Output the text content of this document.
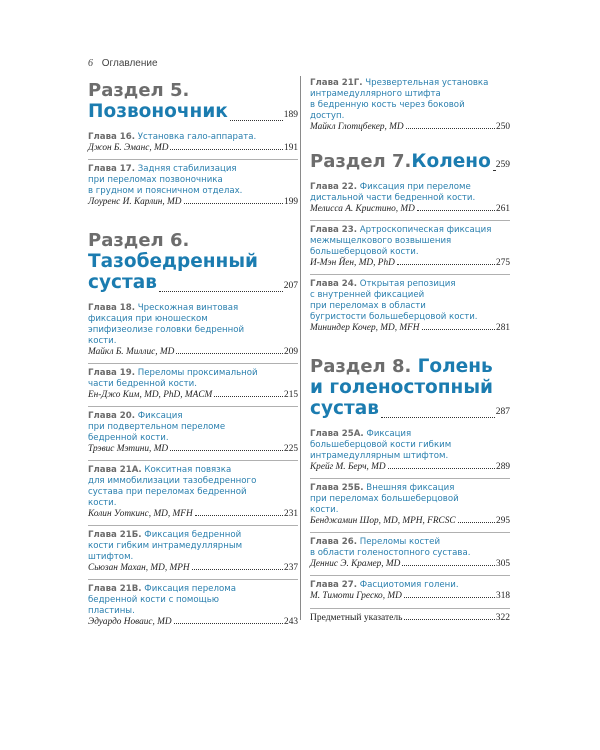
6 Оглавление
Раздел 5.
Позвоночник	189
Глава 16. Установка гало-аппарата.
Джон Б. Эманс, MD	191
Глава 17. Задняя стабилизация
при переломах позвоночника
в грудном и поясничном отделах.
Лоуренс И. Карлин, MD	199
Раздел 6.
Тазобедренный
сустав	207
Глава 18. Чрескожная винтовая
фиксация при юношеском
эпифизеолизе головки бедренной
кости.
Майкл Б. Миллис, MD	209
Глава 19. Переломы проксимальной
части бедренной кости.
Ен-Джо Ким, MD, PhD, MACM	215
Глава 20. Фиксация
при подвертельном переломе
бедренной кости.
Трэвис Мэтини, MD	225
Глава 21А. Кокситная повязка
для иммобилизации тазобедренного
сустава при переломах бедренной
кости.
Колин Уоткинс, MD, MFH	231
Глава 21Б. Фиксация бедренной
кости гибким интрамедуллярным
штифтом.
Сьюзан Махан, MD, MPH	237
Глава 21В. Фиксация перелома
бедренной кости с помощью
пластины.
Эдуардо Новаис, MD	243
Глава 21Г. Чрезвертельная установка
интрамедуллярного штифта
в бедренную кость через боковой
доступ.
Майкл Глотцбекер, MD	250
Раздел 7. Колено 259
Глава 22. Фиксация при переломе
дистальной части бедренной кости.
Мелисса А. Кристино, MD	261
Глава 23. Артроскопическая фиксация
межмыщелкового возвышения
большеберцовой кости.
И-Мэн Йен, MD, PhD	275
Глава 24. Открытая репозиция
с внутренней фиксацией
при переломах в области
бугристости большеберцовой кости.
Мининдер Кочер, MD, MFH	281
Раздел 8. Голень
и голеностопный
сустав	287
Глава 25А. Фиксация
большеберцовой кости гибким
интрамедуллярным штифтом.
Крейг М. Берч, MD	289
Глава 25Б. Внешняя фиксация
при переломах большеберцовой
кости.
Бенджамин Шор, MD, MPH, FRCSC	295
Глава 26. Переломы костей
в области голеностопного сустава.
Деннис Э. Крамер, MD	305
Глава 27. Фасциотомия голени.
М. Тимоти Греско, MD	318
Предметный указатель	322
